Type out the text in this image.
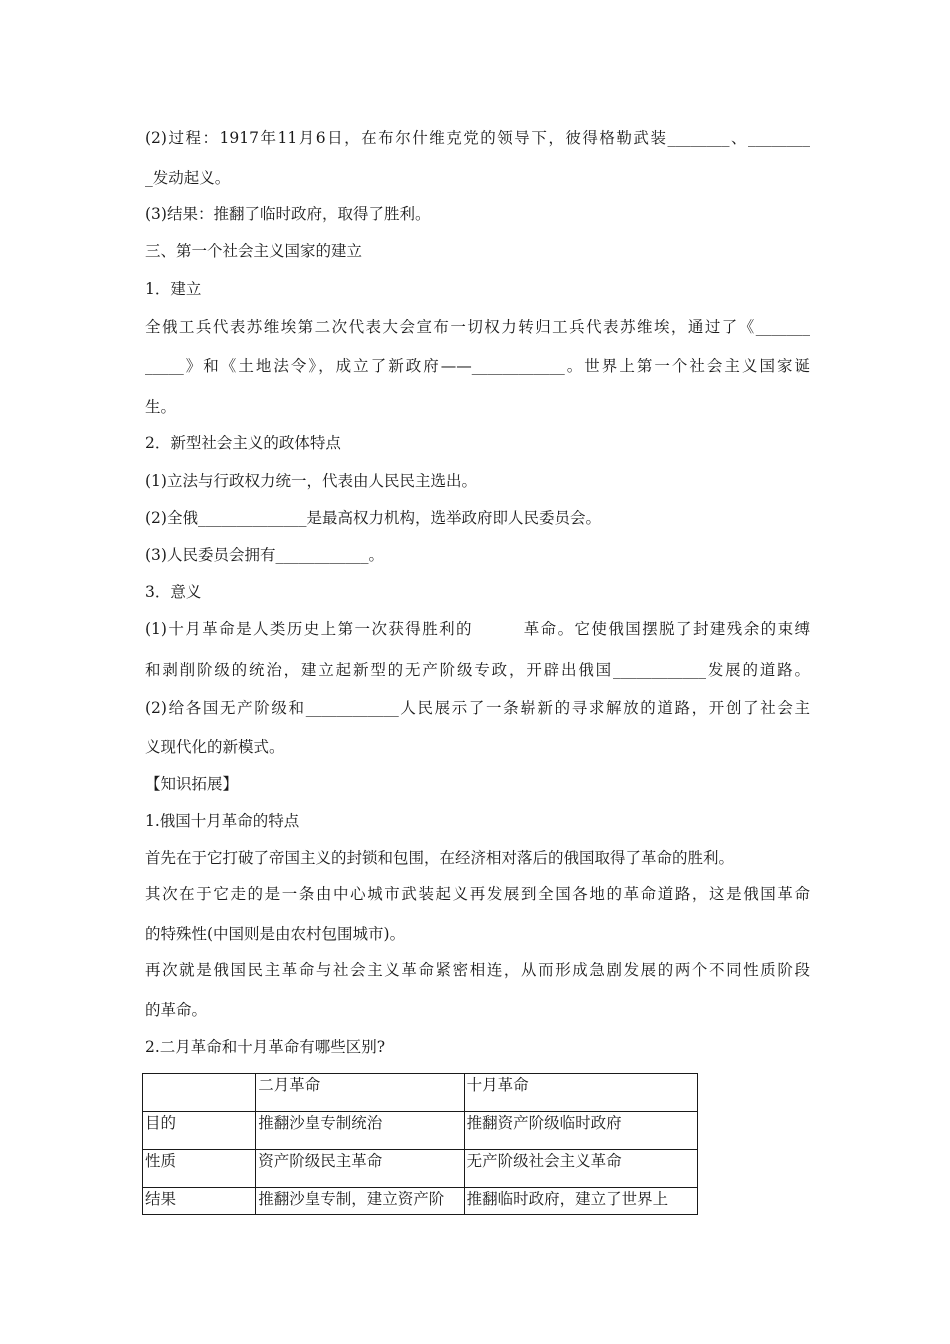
(2)过程：1917年11月6日，在布尔什维克党的领导下，彼得格勒武装________、________
_发动起义。
(3)结果：推翻了临时政府，取得了胜利。
三、第一个社会主义国家的建立
1．建立
全俄工兵代表苏维埃第二次代表大会宣布一切权力转归工兵代表苏维埃，通过了《_______
_____》和《土地法令》，成立了新政府——____________。世界上第一个社会主义国家诞
生。
2．新型社会主义的政体特点
(1)立法与行政权力统一，代表由人民民主选出。
(2)全俄______________是最高权力机构，选举政府即人民委员会。
(3)人民委员会拥有____________。
3．意义
(1)十月革命是人类历史上第一次获得胜利的　　　革命。它使俄国摆脱了封建残余的束缚
和剥削阶级的统治，建立起新型的无产阶级专政，开辟出俄国____________发展的道路。
(2)给各国无产阶级和____________人民展示了一条崭新的寻求解放的道路，开创了社会主
义现代化的新模式。
【知识拓展】
1.俄国十月革命的特点
首先在于它打破了帝国主义的封锁和包围，在经济相对落后的俄国取得了革命的胜利。
其次在于它走的是一条由中心城市武装起义再发展到全国各地的革命道路，这是俄国革命
的特殊性(中国则是由农村包围城市)。
再次就是俄国民主革命与社会主义革命紧密相连，从而形成急剧发展的两个不同性质阶段
的革命。
2.二月革命和十月革命有哪些区别?
	二月革命	十月革命
目的	推翻沙皇专制统治	推翻资产阶级临时政府
性质	资产阶级民主革命	无产阶级社会主义革命
结果	推翻沙皇专制，建立资产阶	推翻临时政府，建立了世界上
